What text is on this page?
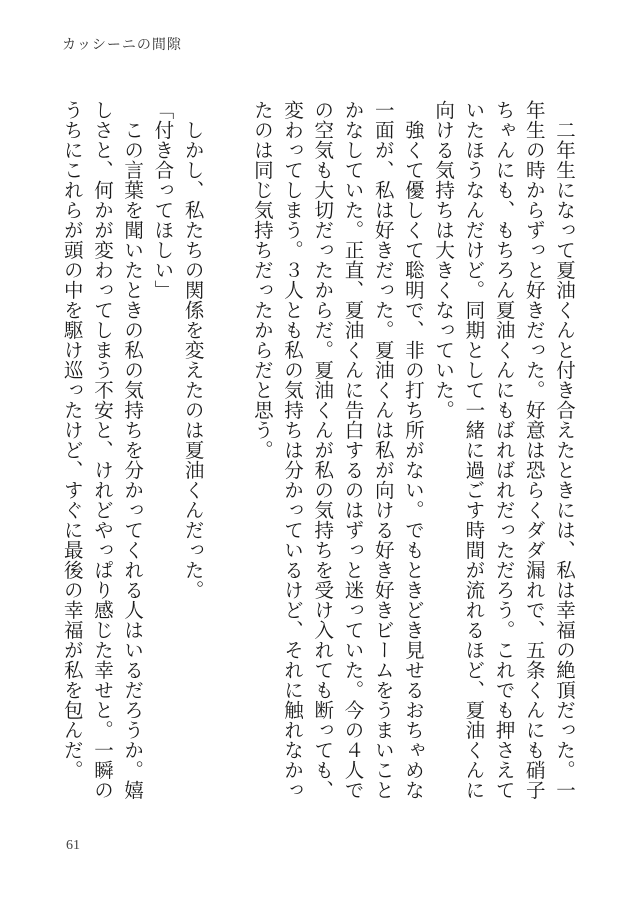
カッシーニの間隙

二年生になって夏油くんと付き合えたときには、私は幸福の絶頂だった。一年生の時からずっと好きだった。好意は恐らくダダ漏れで、五条くんにも硝子ちゃんにも、もちろん夏油くんにもばればれだっただろう。これでも押さえていたほうなんだけど。同期として一緒に過ごす時間が流れるほど、夏油くんに向ける気持ちは大きくなっていた。

強くて優しくて聡明で、非の打ち所がない。でもときどき見せるおちゃめな一面が、私は好きだった。夏油くんは私が向ける好き好きビームをうまいことかなしていた。正直、夏油くんに告白するのはずっと迷っていた。今の４人での空気も大切だったからだ。夏油くんが私の気持ちを受け入れても断っても、変わってしまう。３人とも私の気持ちは分かっているけど、それに触れなかったのは同じ気持ちだったからだと思う。

しかし、私たちの関係を変えたのは夏油くんだった。

「付き合ってほしい」

この言葉を聞いたときの私の気持ちを分かってくれる人はいるだろうか。嬉しさと、何かが変わってしまう不安と、けれどやっぱり感じた幸せと。一瞬のうちにこれらが頭の中を駆け巡ったけど、すぐに最後の幸福が私を包んだ。

61
